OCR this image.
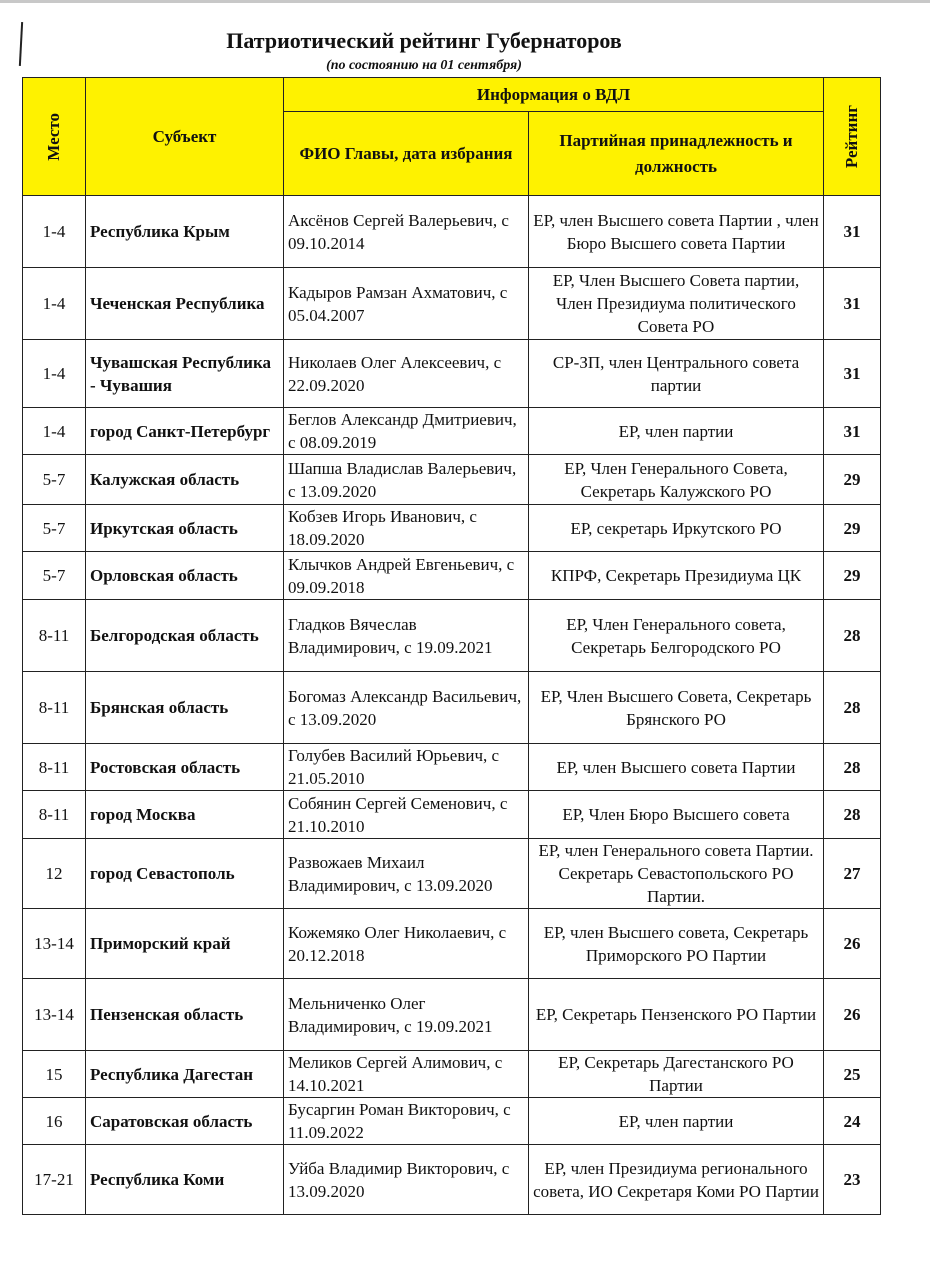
Патриотический рейтинг Губернаторов
(по состоянию на 01 сентября)
Место	Субъект	Информация о ВДЛ		Рейтинг

		ФИО Главы, дата избрания	Партийная принадлежность и должность	
1-4	Республика Крым	Аксёнов Сергей Валерьевич, с 09.10.2014	ЕР, член Высшего совета Партии , член Бюро Высшего совета Партии	31
1-4	Чеченская Республика	Кадыров Рамзан Ахматович, с 05.04.2007	ЕР, Член Высшего Совета партии, Член Президиума политического Совета РО	31
1-4	Чувашская Республика - Чувашия	Николаев Олег Алексеевич, с 22.09.2020	СР-ЗП, член Центрального совета партии	31
1-4	город Санкт-Петербург	Беглов Александр Дмитриевич, с 08.09.2019	ЕР, член партии	31
5-7	Калужская область	Шапша Владислав Валерьевич, с 13.09.2020	ЕР, Член Генерального Совета, Секретарь Калужского РО	29
5-7	Иркутская область	Кобзев Игорь Иванович, с 18.09.2020	ЕР, секретарь Иркутского РО	29
5-7	Орловская область	Клычков Андрей Евгеньевич, с 09.09.2018	КПРФ, Секретарь Президиума ЦК	29
8-11	Белгородская область	Гладков Вячеслав Владимирович, с 19.09.2021	ЕР, Член Генерального совета, Секретарь Белгородского РО	28
8-11	Брянская область	Богомаз Александр Васильевич, с 13.09.2020	ЕР, Член Высшего Совета, Секретарь Брянского РО	28
8-11	Ростовская область	Голубев Василий Юрьевич, с 21.05.2010	ЕР, член Высшего совета Партии	28
8-11	город Москва	Собянин Сергей Семенович, с 21.10.2010	ЕР, Член Бюро Высшего совета	28
12	город Севастополь	Развожаев Михаил Владимирович, с 13.09.2020	ЕР, член Генерального совета Партии. Секретарь Севастопольского РО Партии.	27
13-14	Приморский край	Кожемяко Олег Николаевич, с 20.12.2018	ЕР, член Высшего совета, Секретарь Приморского РО Партии	26
13-14	Пензенская область	Мельниченко Олег Владимирович, с 19.09.2021	ЕР, Секретарь Пензенского РО Партии	26
15	Республика Дагестан	Меликов Сергей Алимович, с 14.10.2021	ЕР, Секретарь Дагестанского РО Партии	25
16	Саратовская область	Бусаргин Роман Викторович, с 11.09.2022	ЕР, член партии	24
17-21	Республика Коми	Уйба Владимир Викторович, с 13.09.2020	ЕР, член Президиума регионального совета, ИО Секретаря Коми РО Партии	23
